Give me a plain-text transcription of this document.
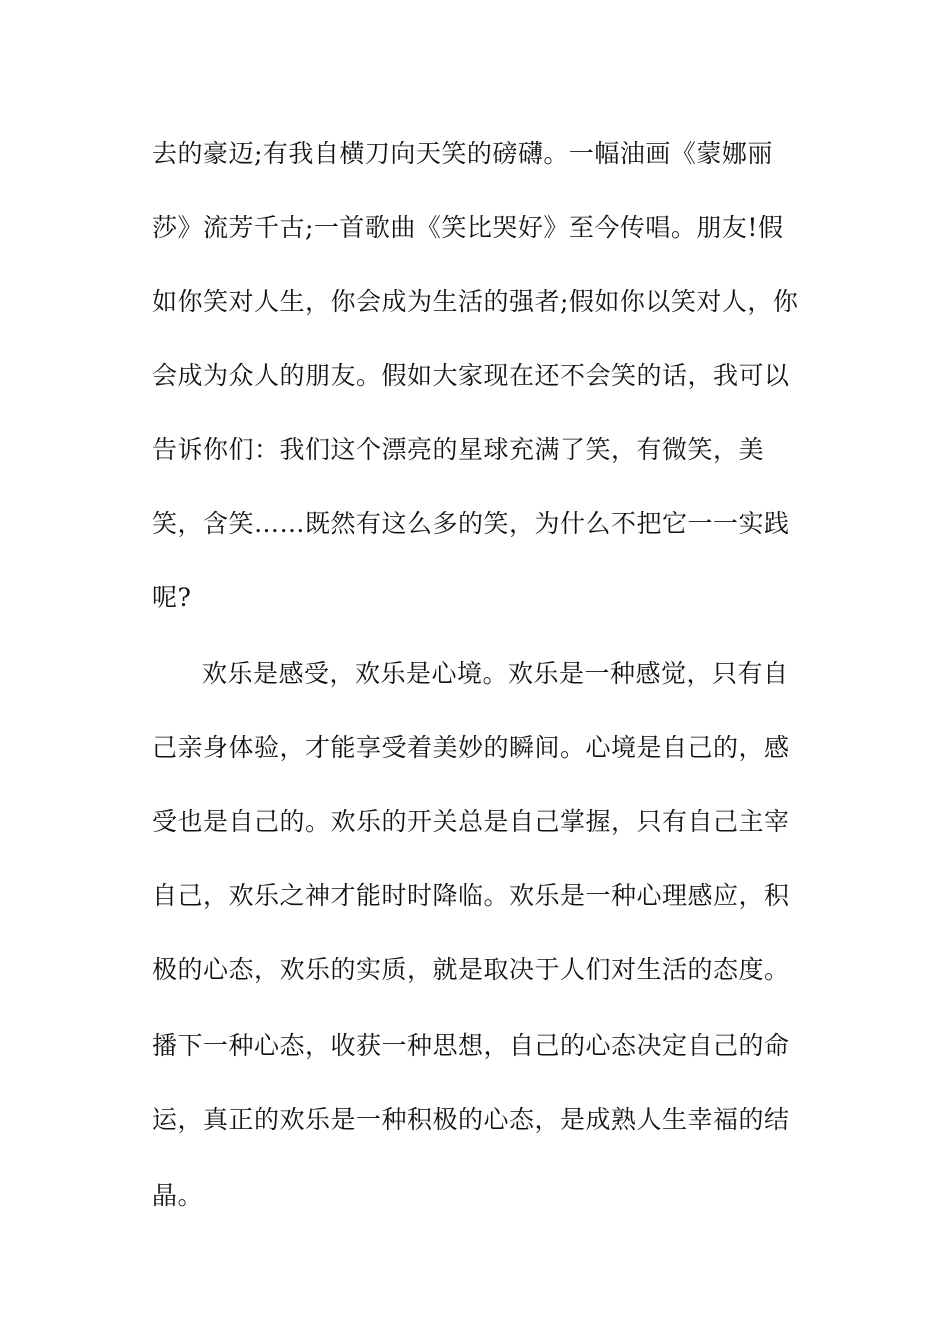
去的豪迈;有我自横刀向天笑的磅礴。一幅油画《蒙娜丽
莎》流芳千古;一首歌曲《笑比哭好》至今传唱。朋友!假
如你笑对人生，你会成为生活的强者;假如你以笑对人，你
会成为众人的朋友。假如大家现在还不会笑的话，我可以
告诉你们：我们这个漂亮的星球充满了笑，有微笑，美
笑，含笑……既然有这么多的笑，为什么不把它一一实践
呢?
欢乐是感受，欢乐是心境。欢乐是一种感觉，只有自
己亲身体验，才能享受着美妙的瞬间。心境是自己的，感
受也是自己的。欢乐的开关总是自己掌握，只有自己主宰
自己，欢乐之神才能时时降临。欢乐是一种心理感应，积
极的心态，欢乐的实质，就是取决于人们对生活的态度。
播下一种心态，收获一种思想，自己的心态决定自己的命
运，真正的欢乐是一种积极的心态，是成熟人生幸福的结
晶。
